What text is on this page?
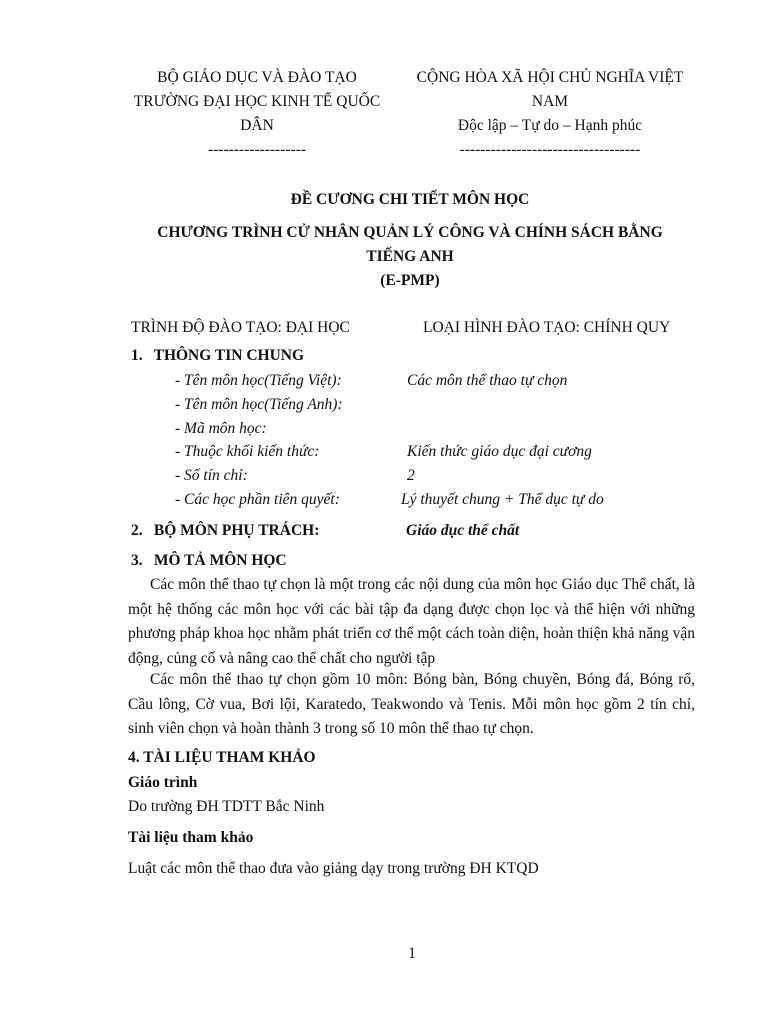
BỘ GIÁO DỤC VÀ ĐÀO TẠO
TRƯỜNG ĐẠI HỌC KINH TẾ QUỐC DÂN
-------------------
CỘNG HÒA XÃ HỘI CHỦ NGHĨA VIỆT NAM
Độc lập – Tự do – Hạnh phúc
-----------------------------------
ĐỀ CƯƠNG CHI TIẾT MÔN HỌC
CHƯƠNG TRÌNH CỬ NHÂN QUẢN LÝ CÔNG VÀ CHÍNH SÁCH BẰNG TIẾNG ANH
(E-PMP)
TRÌNH ĐỘ ĐÀO TẠO: ĐẠI HỌC	LOẠI HÌNH ĐÀO TẠO: CHÍNH QUY
1. THÔNG TIN CHUNG
- Tên môn học(Tiếng Việt):	Các môn thể thao tự chọn
- Tên môn học(Tiếng Anh):
- Mã môn học:
- Thuộc khối kiến thức:	Kiến thức giáo dục đại cương
- Số tín chỉ:	2
- Các học phần tiên quyết:	Lý thuyết chung + Thể dục tự do
2. BỘ MÔN PHỤ TRÁCH:	Giáo dục thể chất
3. MÔ TẢ MÔN HỌC
Các môn thể thao tự chọn là một trong các nội dung của môn học Giáo dục Thể chất, là một hệ thống các môn học với các bài tập đa dạng được chọn lọc và thể hiện với những phương pháp khoa học nhằm phát triển cơ thể một cách toàn diện, hoàn thiện khả năng vận động, củng cố và nâng cao thể chất cho người tập
Các môn thể thao tự chọn gồm 10 môn: Bóng bàn, Bóng chuyền, Bóng đá, Bóng rổ, Cầu lông, Cờ vua, Bơi lội, Karatedo, Teakwondo và Tenis. Mỗi môn học gồm 2 tín chỉ, sinh viên chọn và hoàn thành 3 trong số 10 môn thể thao tự chọn.
4. TÀI LIỆU THAM KHẢO
Giáo trình
Do trường ĐH TDTT Bắc Ninh
Tài liệu tham khảo
Luật các môn thể thao đưa vào giảng dạy trong trường ĐH KTQD
1
